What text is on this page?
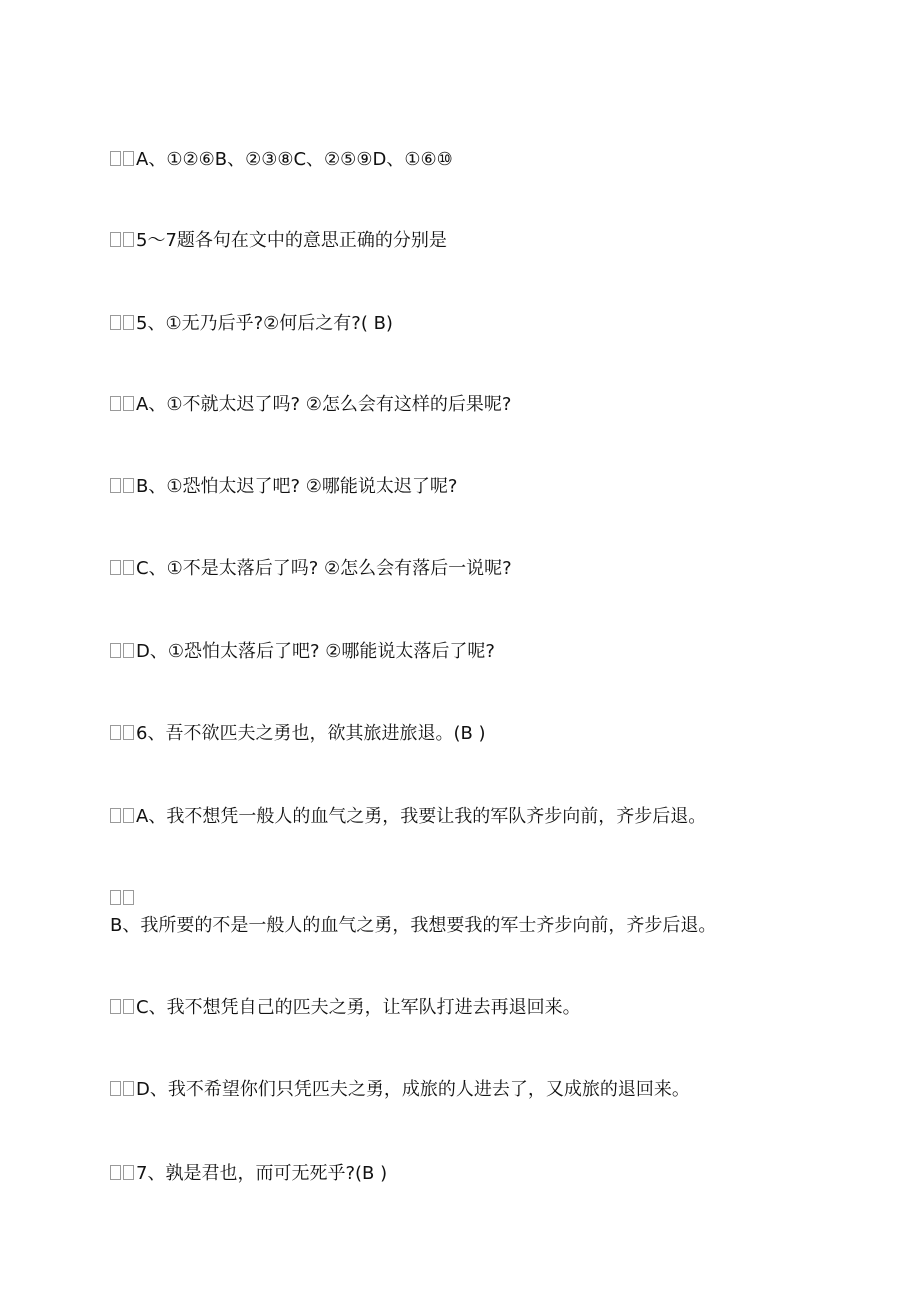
A、①②⑥B、②③⑧C、②⑤⑨D、①⑥⑩
5～7题各句在文中的意思正确的分别是
5、①无乃后乎?②何后之有?( B)
A、①不就太迟了吗? ②怎么会有这样的后果呢?
B、①恐怕太迟了吧? ②哪能说太迟了呢?
C、①不是太落后了吗? ②怎么会有落后一说呢?
D、①恐怕太落后了吧? ②哪能说太落后了呢?
6、吾不欲匹夫之勇也，欲其旅进旅退。(B )
A、我不想凭一般人的血气之勇，我要让我的军队齐步向前，齐步后退。
B、我所要的不是一般人的血气之勇，我想要我的军士齐步向前，齐步后退。
C、我不想凭自己的匹夫之勇，让军队打进去再退回来。
D、我不希望你们只凭匹夫之勇，成旅的人进去了，又成旅的退回来。
7、孰是君也，而可无死乎?(B )
